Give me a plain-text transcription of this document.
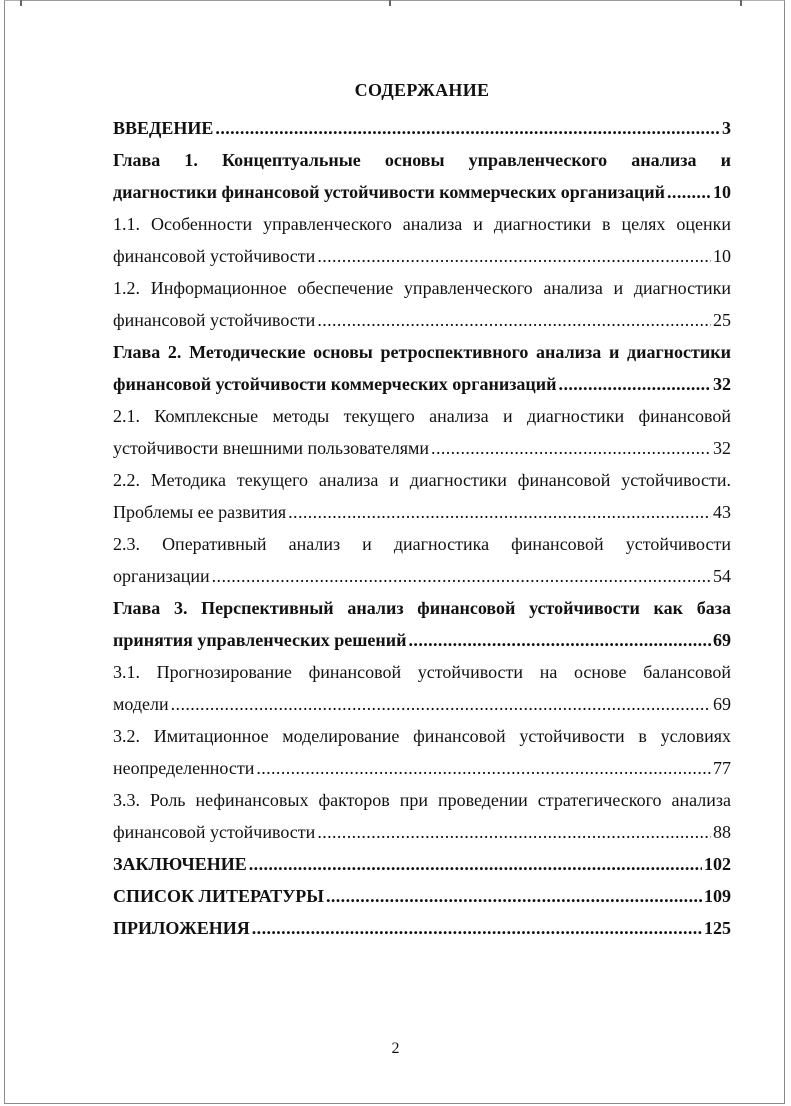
СОДЕРЖАНИЕ
ВВЕДЕНИЕ .....	3
Глава 1. Концептуальные основы управленческого анализа и
диагностики финансовой устойчивости коммерческих организаций .....	10
1.1. Особенности управленческого анализа и диагностики в целях оценки
финансовой устойчивости .....	10
1.2. Информационное обеспечение управленческого анализа и диагностики
финансовой устойчивости .....	25
Глава 2. Методические основы ретроспективного анализа и диагностики
финансовой устойчивости коммерческих организаций .....	32
2.1. Комплексные методы текущего анализа и диагностики финансовой
устойчивости внешними пользователями .....	32
2.2. Методика текущего анализа и диагностики финансовой устойчивости.
Проблемы ее развития .....	43
2.3. Оперативный анализ и диагностика финансовой устойчивости
организации .....	54
Глава 3. Перспективный анализ финансовой устойчивости как база
принятия управленческих решений .....	69
3.1. Прогнозирование финансовой устойчивости на основе балансовой
модели .....	69
3.2. Имитационное моделирование финансовой устойчивости в условиях
неопределенности .....	77
3.3. Роль нефинансовых факторов при проведении стратегического анализа
финансовой устойчивости .....	88
ЗАКЛЮЧЕНИЕ .....	102
СПИСОК ЛИТЕРАТУРЫ .....	109
ПРИЛОЖЕНИЯ .....	125
2
